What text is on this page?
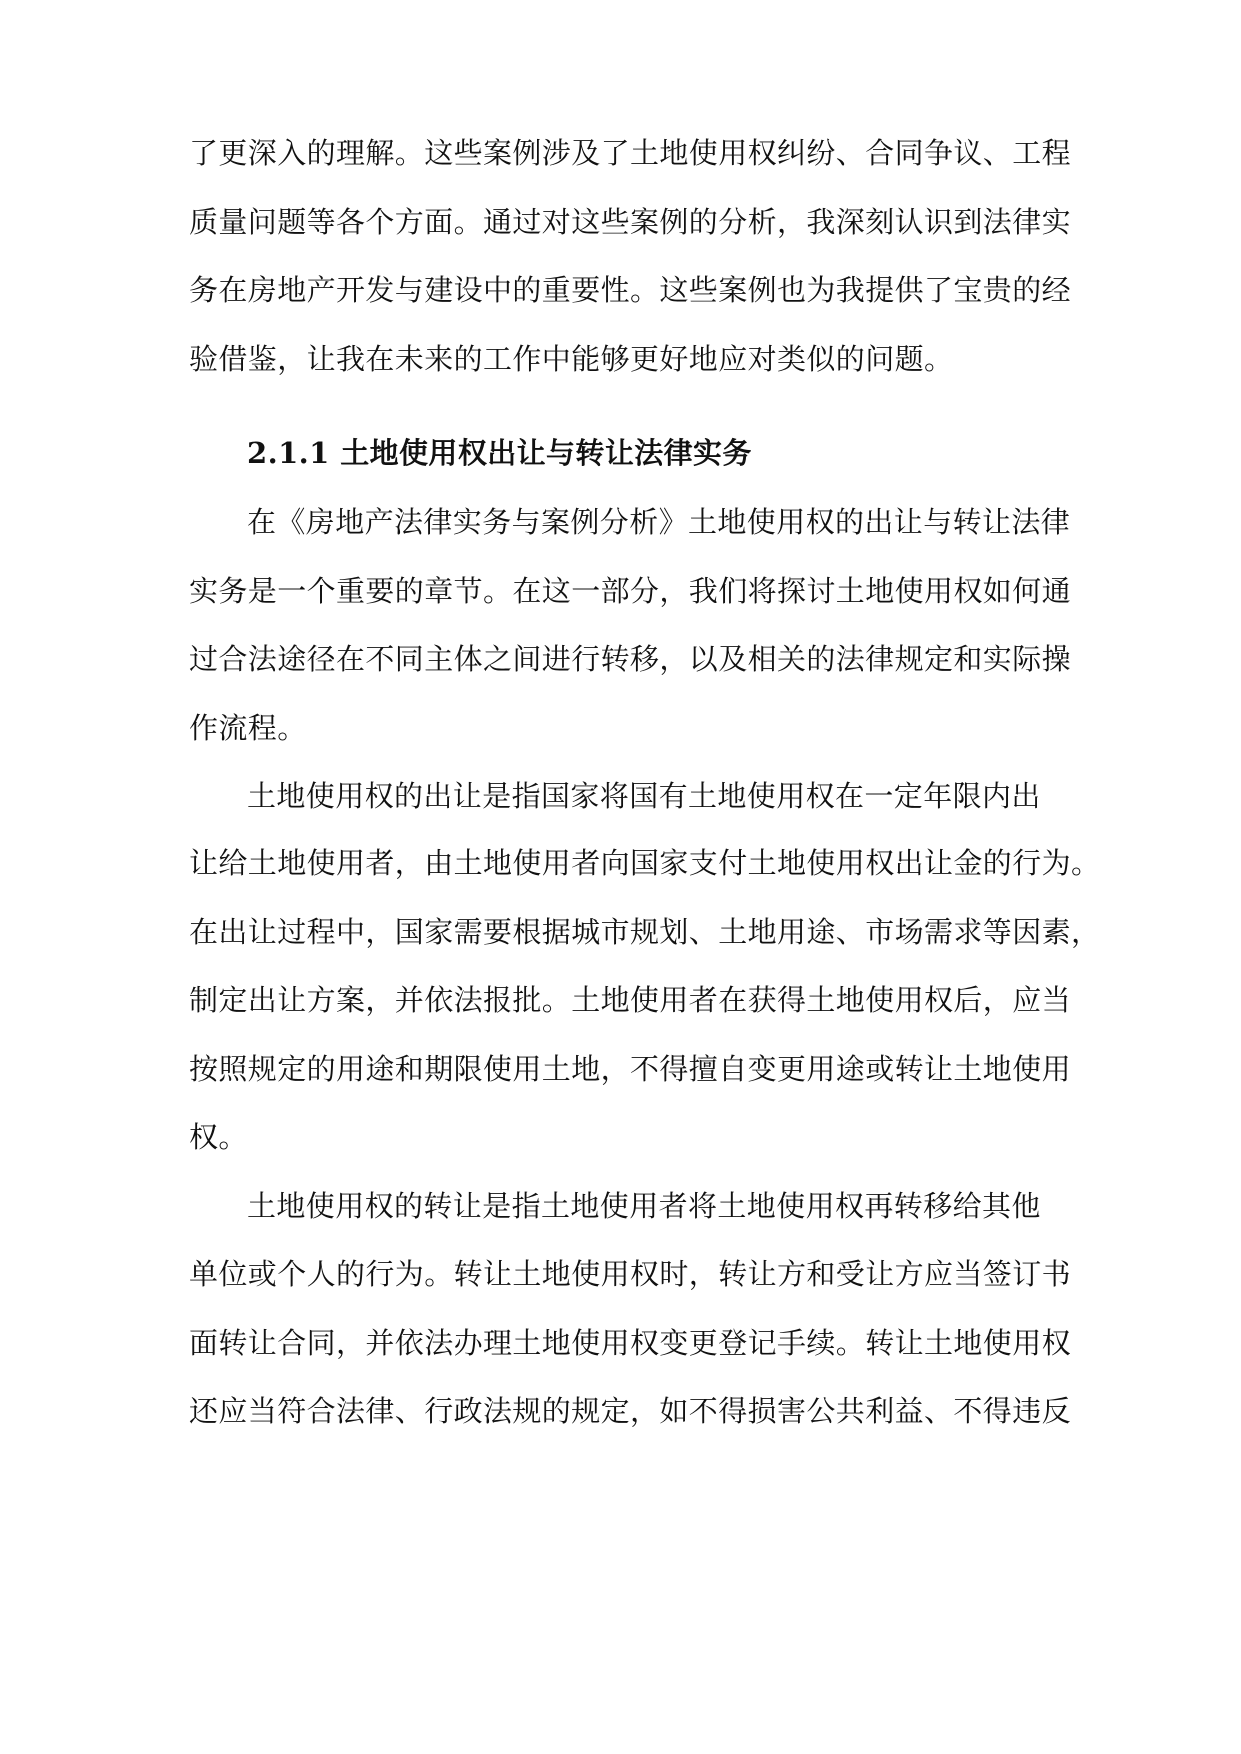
了更深入的理解。这些案例涉及了土地使用权纠纷、合同争议、工程
质量问题等各个方面。通过对这些案例的分析，我深刻认识到法律实
务在房地产开发与建设中的重要性。这些案例也为我提供了宝贵的经
验借鉴，让我在未来的工作中能够更好地应对类似的问题。
2.1.1 土地使用权出让与转让法律实务
在《房地产法律实务与案例分析》土地使用权的出让与转让法律
实务是一个重要的章节。在这一部分，我们将探讨土地使用权如何通
过合法途径在不同主体之间进行转移，以及相关的法律规定和实际操
作流程。
土地使用权的出让是指国家将国有土地使用权在一定年限内出
让给土地使用者，由土地使用者向国家支付土地使用权出让金的行为。
在出让过程中，国家需要根据城市规划、土地用途、市场需求等因素，
制定出让方案，并依法报批。土地使用者在获得土地使用权后，应当
按照规定的用途和期限使用土地，不得擅自变更用途或转让土地使用
权。
土地使用权的转让是指土地使用者将土地使用权再转移给其他
单位或个人的行为。转让土地使用权时，转让方和受让方应当签订书
面转让合同，并依法办理土地使用权变更登记手续。转让土地使用权
还应当符合法律、行政法规的规定，如不得损害公共利益、不得违反
